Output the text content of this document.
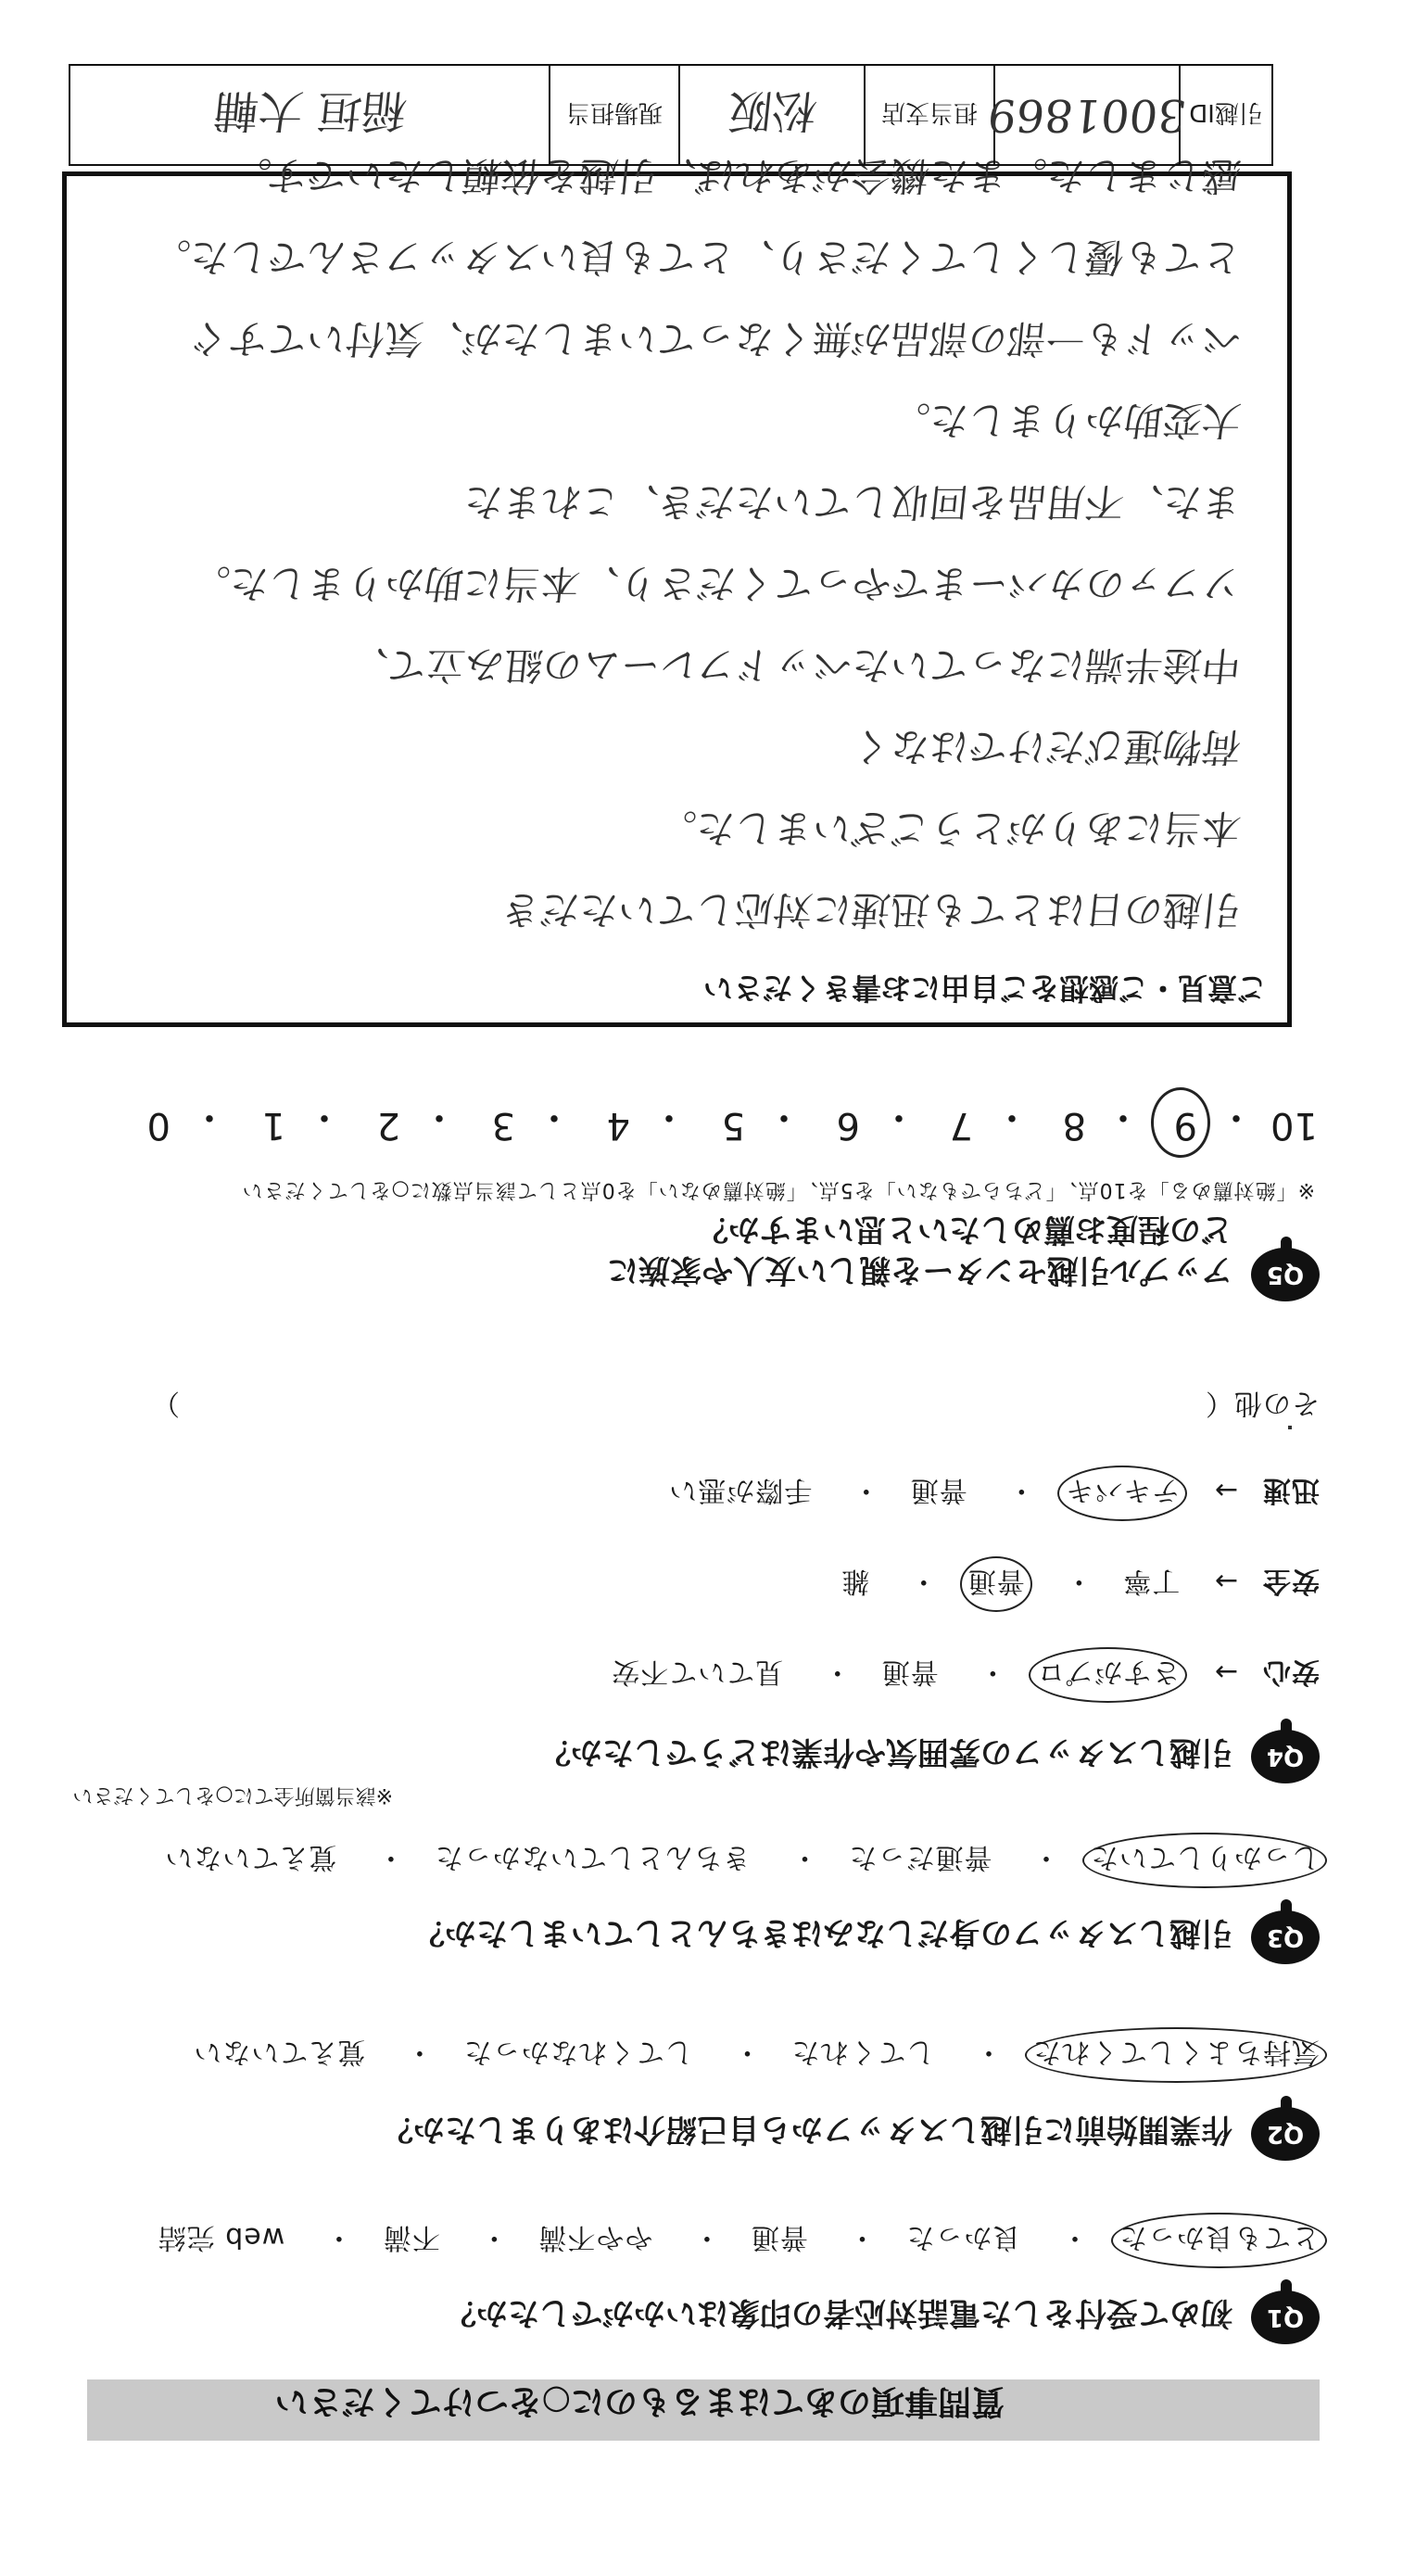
質問事項のあてはまるものに○をつけてください
Q1
初めて受付をした電話対応者の印象はいかがでしたか？
とても良かった・ 良かった・ 普通・ やや不満・ 不満・ web 完結
Q2
作業開始前に引越しスタッフから自己紹介はありましたか？
気持ちよくしてくれた・ してくれた・ してくれなかった・ 覚えていない
Q3
引越しスタッフの身だしなみはきちんとしていましたか？
しっかりしていた・ 普通だった・ きちんとしていなかった・ 覚えていない
Q4
引越しスタッフの雰囲気や作業はどうでしたか？
※該当箇所全てに○をしてください
安心→ さすがプロ・ 普通・ 見ていて不安
安全→ 丁寧・ 普通・ 雑
迅速→ テキパキ・ 普通・ 手際が悪い
その他（
）
Q5
アップル引越センターを親しい友人や家族に
どの程度お薦めしたいと思いますか？
※「絶対薦める」を10点、「どちらでもない」を5点、「絶対薦めない」を0点として該当点数に○をしてください
10
・
9
・
8
・
7
・
6
・
5
・
4
・
3
・
2
・
1
・
0
ご意見・ご感想をご自由にお書きください
引越の日はとても迅速に対応していただき
本当にありがとうございました。
荷物運びだけではなく
中途半端になっていたベッドフレームの組み立て、
ソファのカバーまでやってくださり、本当に助かりました。
また、不用品を回収していただき、これまた
大変助かりました。
ベッドも一部の部品が無くなっていましたが、気付いてすぐ
とても優しくしてくださり、とても良いスタッフさんでした。
感じました。また機会があれば、引越を依頼したいです。
引越ID
3001869
担当支店
松阪
現場担当
稲垣 大輔
